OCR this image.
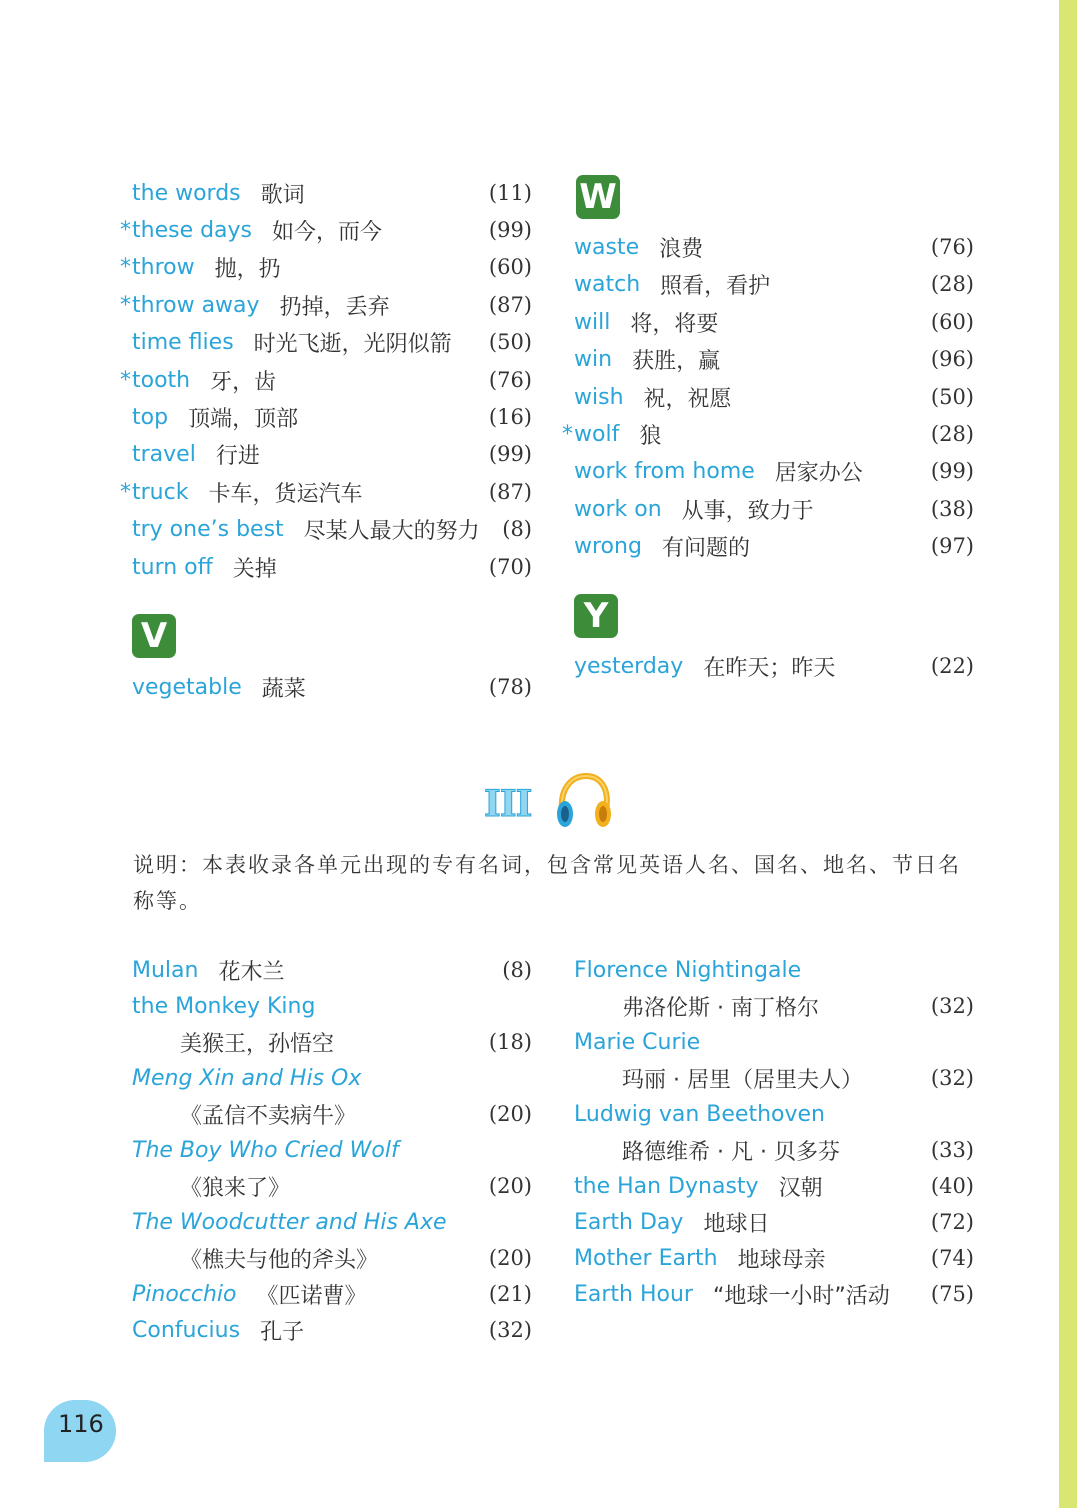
the words 歌词	(11)
* these days 如今，而今	(99)
* throw 抛，扔	(60)
* throw away 扔掉，丢弃	(87)
time flies 时光飞逝，光阴似箭 (50)
* tooth 牙，齿	(76)
top 顶端，顶部	(16)
travel 行进	(99)
* truck 卡车，货运汽车	(87)
try one’s best 尽某人最大的努力 (8)
turn off 关掉	(70)
V
vegetable 蔬菜	(78)
W
waste 浪费	(76)
watch 照看，看护	(28)
will 将，将要	(60)
win 获胜，赢	(96)
wish 祝，祝愿	(50)
* wolf 狼	(28)
work from home 居家办公	(99)
work on 从事，致力于	(38)
wrong 有问题的	(97)
Y
yesterday 在昨天；昨天	(22)
III
说明：本表收录各单元出现的专有名词，包含常见英语人名、国名、地名、节日名称等。
Mulan 花木兰	(8)
the Monkey King
美猴王，孙悟空	(18)
Meng Xin and His Ox
《孟信不卖病牛》	(20)
The Boy Who Cried Wolf
《狼来了》	(20)
The Woodcutter and His Axe
《樵夫与他的斧头》	(20)
Pinocchio 《匹诺曹》	(21)
Confucius 孔子	(32)
Florence Nightingale
弗洛伦斯 · 南丁格尔	(32)
Marie Curie
玛丽 · 居里（居里夫人）	(32)
Ludwig van Beethoven
路德维希 · 凡 · 贝多芬	(33)
the Han Dynasty 汉朝	(40)
Earth Day 地球日	(72)
Mother Earth 地球母亲	(74)
Earth Hour “地球一小时”活动 (75)
116
